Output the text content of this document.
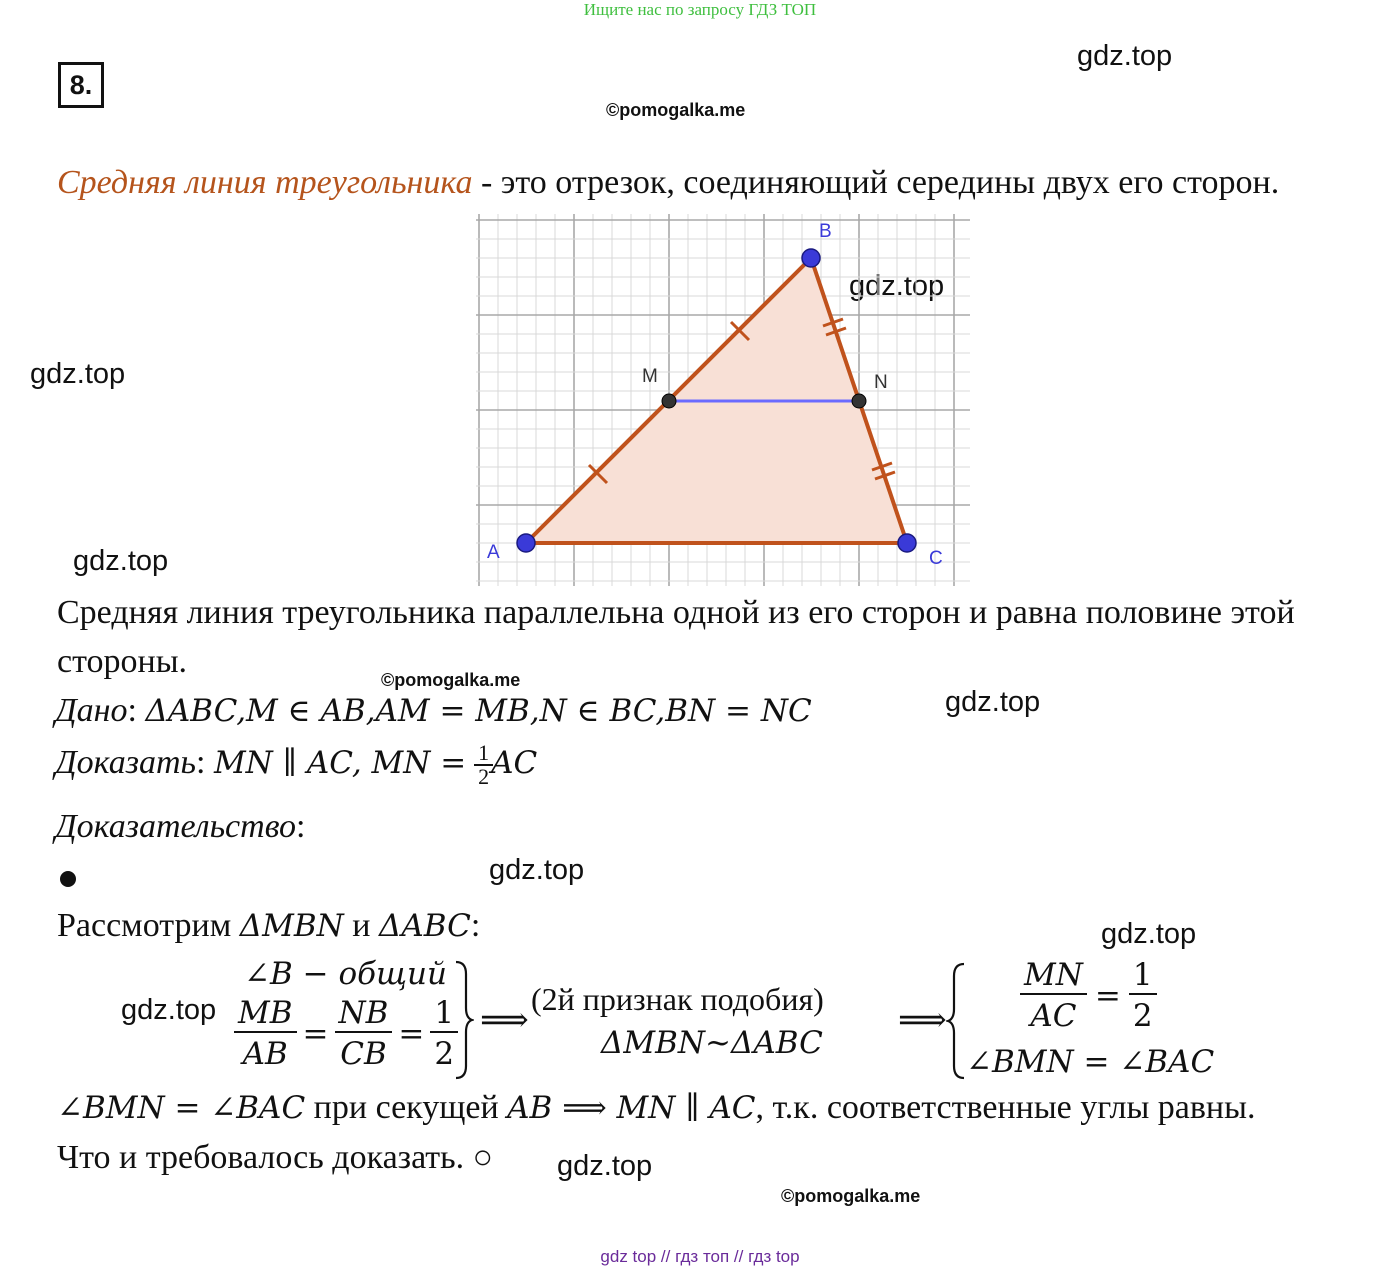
Ищите нас по запросу ГДЗ ТОП
8.
gdz.top
©pomogalka.me
gdz.top
gdz.top
gdz.top
©pomogalka.me
gdz.top
gdz.top
gdz.top
gdz.top
gdz.top
©pomogalka.me
Средняя линия треугольника - это отрезок, соединяющий середины двух его сторон.
A
B
C
M	N
Средняя линия треугольника параллельна одной из его сторон и равна половине этой
стороны.
Дано: ΔABC,M ∈ AB,AM = MB,N ∈ BC,BN = NC
Доказать: MN ∥ AC, MN = $\frac{1}{2}$ AC
Доказательство:
Рассмотрим ΔMBN и ΔABC:
∠B − общий
MB
AB
=
NB
CB
=
1
2
⟹
(2й признак подобия)
ΔMBN~ΔABC
⟹
MN
AC
=
1
2
∠BMN = ∠BAC
∠BMN = ∠BAC при секущей AB ⟹ MN ∥ AC, т.к. соответственные углы равны.
Что и требовалось доказать. ○
gdz top // гдз топ // гдз top
